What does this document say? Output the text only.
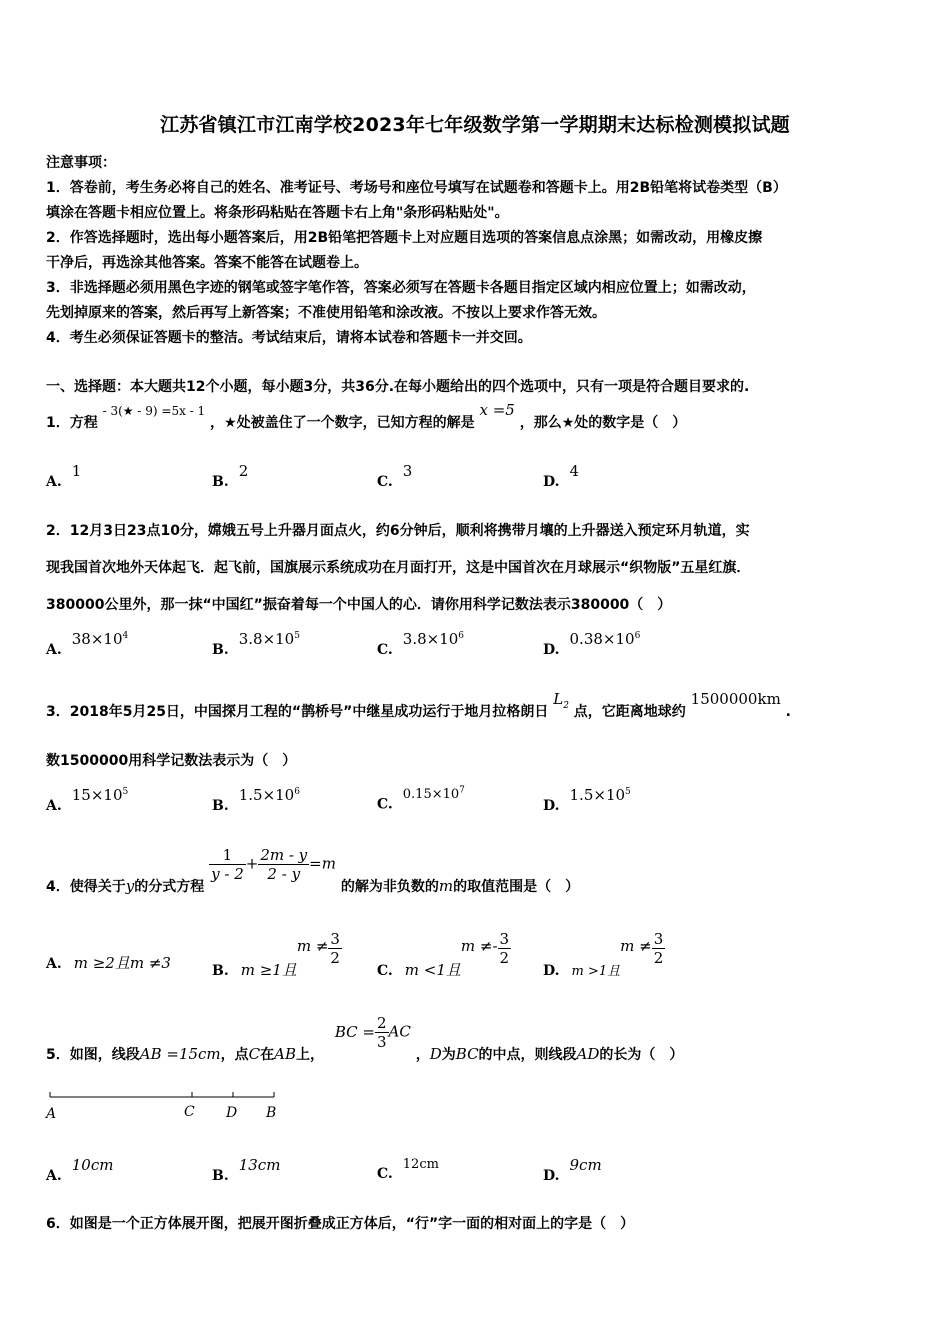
江苏省镇江市江南学校2023年七年级数学第一学期期末达标检测模拟试题
注意事项：
1．答卷前，考生务必将自己的姓名、准考证号、考场号和座位号填写在试题卷和答题卡上。用2B铅笔将试卷类型（B）
填涂在答题卡相应位置上。将条形码粘贴在答题卡右上角"条形码粘贴处"。
2．作答选择题时，选出每小题答案后，用2B铅笔把答题卡上对应题目选项的答案信息点涂黑；如需改动，用橡皮擦
干净后，再选涂其他答案。答案不能答在试题卷上。
3．非选择题必须用黑色字迹的钢笔或签字笔作答，答案必须写在答题卡各题目指定区域内相应位置上；如需改动，
先划掉原来的答案，然后再写上新答案；不准使用铅笔和涂改液。不按以上要求作答无效。
4．考生必须保证答题卡的整洁。考试结束后，请将本试卷和答题卡一并交回。
一、选择题：本大题共12个小题，每小题3分，共36分.在每小题给出的四个选项中，只有一项是符合题目要求的.
1．方程 - 3(★ - 9) =5x - 1 ，★处被盖住了一个数字，已知方程的解是 x =5 ，那么★处的数字是（　）
A.1
B.2
C.3
D.4
2．12月3日23点10分，嫦娥五号上升器月面点火，约6分钟后，顺利将携带月壤的上升器送入预定环月轨道，实
现我国首次地外天体起飞．起飞前，国旗展示系统成功在月面打开，这是中国首次在月球展示“织物版”五星红旗．
380000公里外，那一抹“中国红”振奋着每一个中国人的心．请你用科学记数法表示380000（　）
$A.38\times 10^4$
$B.3.8\times 10^5$
$C.3.8\times 10^6$
$D.0.38\times 10^6$
3．2018年5月25日，中国探月工程的“鹊桥号”中继星成功运行于地月拉格朗日 $L_2$ 点，它距离地球约 1500000km .
数1500000用科学记数法表示为（　）
$A.15\times 10^5$
$B.1.5\times 10^6$
$C.0.15\times 10^7$
$D.1.5\times 10^5$
4．使得关于y的分式方程
$\frac{1}{y - 2} + \frac{2m - y}{2 - y} =m$ 的解为非负数的m的取值范围是（　）
A. m ≥2且m ≠3	B. m ≥1且$m \ne \frac{3}{2}$
C. m <1且$m \ne- \frac{3}{2}$
D. m >1且$m \ne \frac{3}{2}$
5．如图，线段AB =15cm，点C在AB上， BC = $\frac{2}{3}$ AC ，D为BC的中点，则线段AD的长为（　）
A	C D B
A.10cm
B.13cm	C.12cm
D.9cm
6．如图是一个正方体展开图，把展开图折叠成正方体后，“行”字一面的相对面上的字是（　）
